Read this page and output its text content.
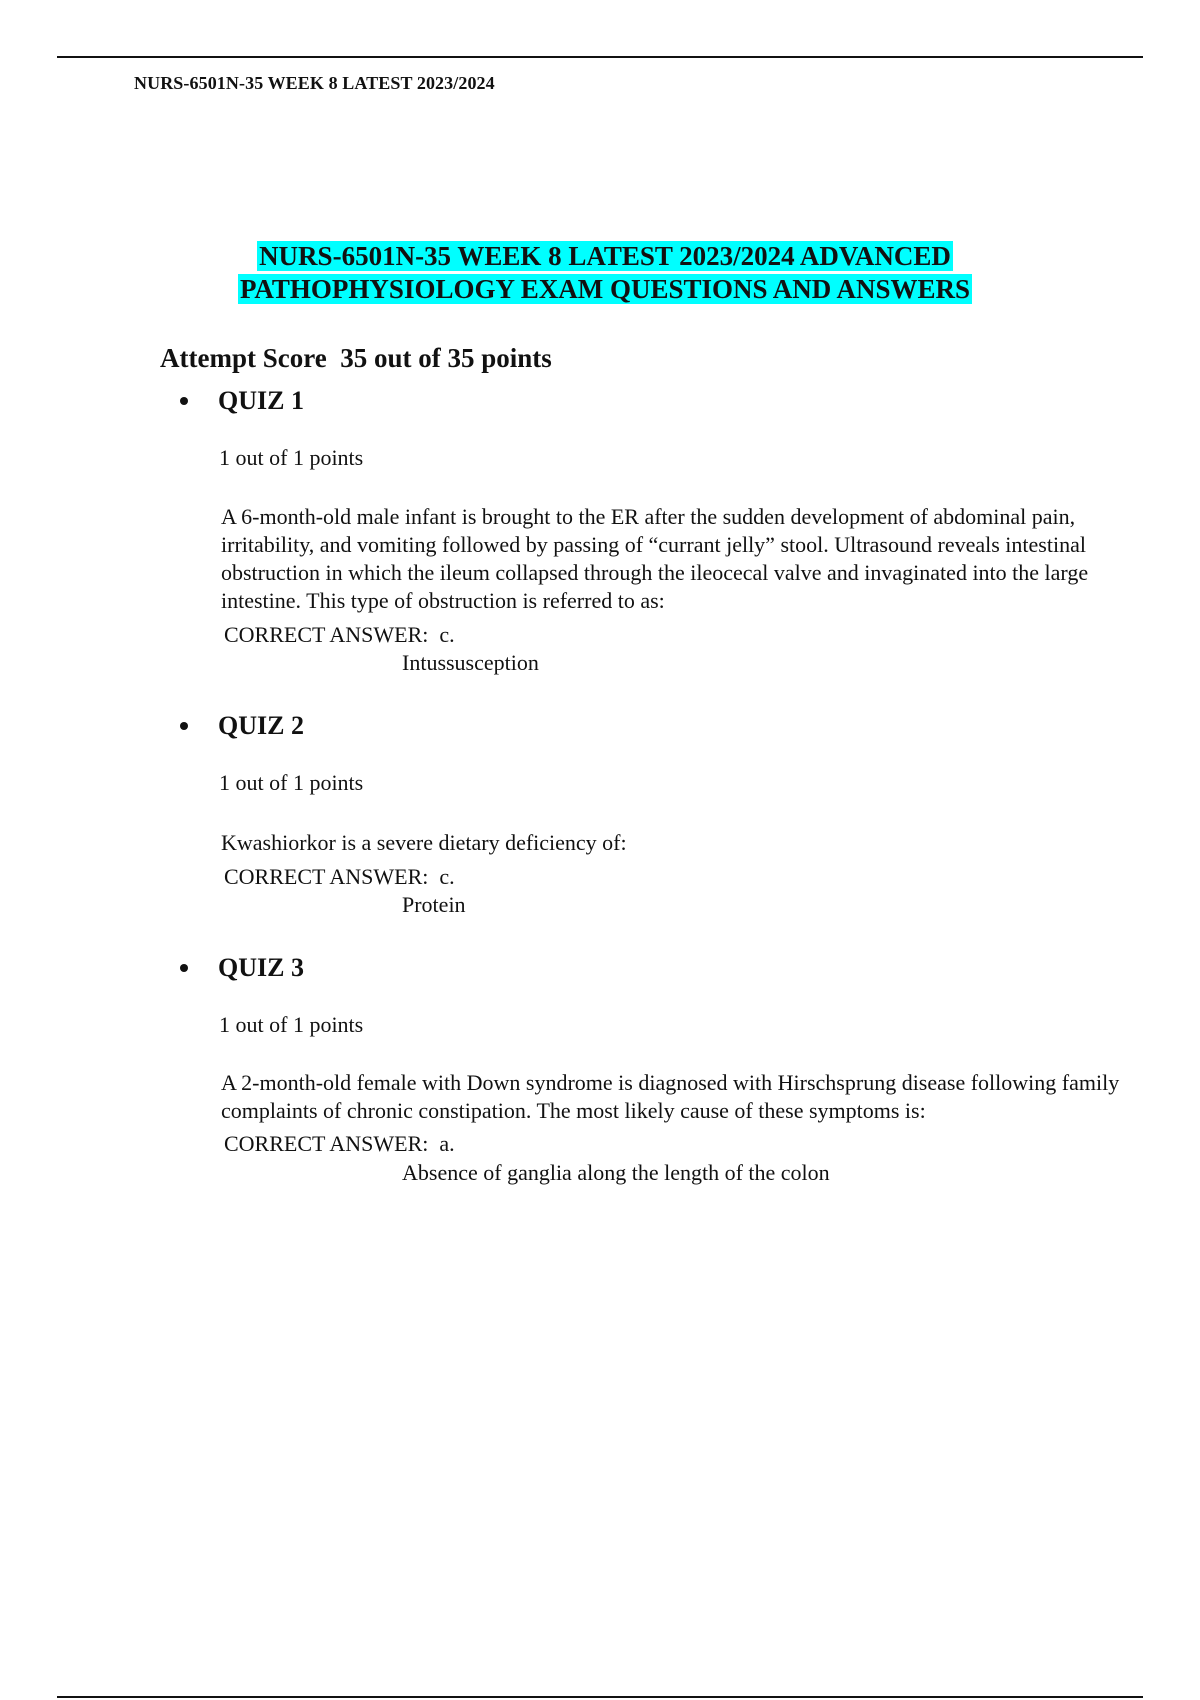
NURS-6501N-35 WEEK 8 LATEST 2023/2024
NURS-6501N-35 WEEK 8 LATEST 2023/2024 ADVANCED
PATHOPHYSIOLOGY EXAM QUESTIONS AND ANSWERS
Attempt Score  35 out of 35 points
QUIZ 1
1 out of 1 points
A 6-month-old male infant is brought to the ER after the sudden development of abdominal pain, irritability, and vomiting followed by passing of “currant jelly” stool. Ultrasound reveals intestinal obstruction in which the ileum collapsed through the ileocecal valve and invaginated into the large intestine. This type of obstruction is referred to as:
CORRECT ANSWER:  c.
Intussusception
QUIZ 2
1 out of 1 points
Kwashiorkor is a severe dietary deficiency of:
CORRECT ANSWER:  c.
Protein
QUIZ 3
1 out of 1 points
A 2-month-old female with Down syndrome is diagnosed with Hirschsprung disease following family complaints of chronic constipation. The most likely cause of these symptoms is:
CORRECT ANSWER:  a.
Absence of ganglia along the length of the colon
